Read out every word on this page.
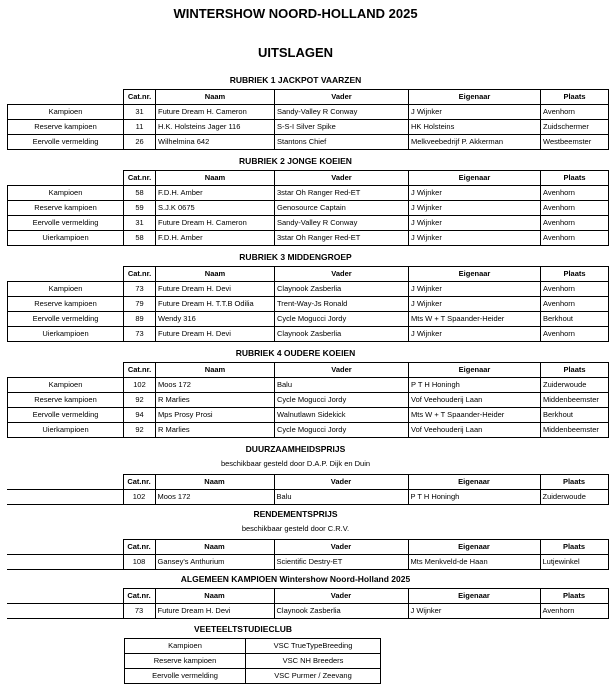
WINTERSHOW NOORD-HOLLAND 2025
UITSLAGEN
RUBRIEK 1 JACKPOT VAARZEN
	Cat.nr.	Naam	Vader	Eigenaar	Plaats
Kampioen	31	Future Dream H. Cameron	Sandy-Valley R Conway	J Wijnker	Avenhorn
Reserve kampioen	11	H.K. Holsteins Jager 116	S-S-I Silver Spike	HK Holsteins	Zuidschermer
Eervolle vermelding	26	Wilhelmina 642	Stantons Chief	Melkveebedrijf P. Akkerman	Westbeemster
RUBRIEK 2 JONGE KOEIEN
	Cat.nr.	Naam	Vader	Eigenaar	Plaats
Kampioen	58	F.D.H. Amber	3star Oh Ranger Red-ET	J Wijnker	Avenhorn
Reserve kampioen	59	S.J.K 0675	Genosource Captain	J Wijnker	Avenhorn
Eervolle vermelding	31	Future Dream H. Cameron	Sandy-Valley R Conway	J Wijnker	Avenhorn
Uierkampioen	58	F.D.H. Amber	3star Oh Ranger Red-ET	J Wijnker	Avenhorn
RUBRIEK 3 MIDDENGROEP
	Cat.nr.	Naam	Vader	Eigenaar	Plaats
Kampioen	73	Future Dream H. Devi	Claynook Zasberlia	J Wijnker	Avenhorn
Reserve kampioen	79	Future Dream H. T.T.B Odilia	Trent-Way-Js Ronald	J Wijnker	Avenhorn
Eervolle vermelding	89	Wendy 316	Cycle Mogucci Jordy	Mts W + T Spaander-Heider	Berkhout
Uierkampioen	73	Future Dream H. Devi	Claynook Zasberlia	J Wijnker	Avenhorn
RUBRIEK 4 OUDERE KOEIEN
	Cat.nr.	Naam	Vader	Eigenaar	Plaats
Kampioen	102	Moos 172	Balu	P T H Honingh	Zuiderwoude
Reserve kampioen	92	R Marlies	Cycle Mogucci Jordy	Vof Veehouderij Laan	Middenbeemster
Eervolle vermelding	94	Mps Prosy Prosi	Walnutlawn Sidekick	Mts W + T Spaander-Heider	Berkhout
Uierkampioen	92	R Marlies	Cycle Mogucci Jordy	Vof Veehouderij Laan	Middenbeemster
DUURZAAMHEIDSPRIJS
beschikbaar gesteld door D.A.P. Dijk en Duin
	Cat.nr.	Naam	Vader	Eigenaar	Plaats
	102	Moos 172	Balu	P T H Honingh	Zuiderwoude
RENDEMENTSPRIJS
beschikbaar gesteld door C.R.V.
	Cat.nr.	Naam	Vader	Eigenaar	Plaats
	108	Gansey's Anthurium	Scientific Destry-ET	Mts Menkveld-de Haan	Lutjewinkel
ALGEMEEN KAMPIOEN Wintershow Noord-Holland 2025
	Cat.nr.	Naam	Vader	Eigenaar	Plaats
	73	Future Dream H. Devi	Claynook Zasberlia	J Wijnker	Avenhorn
VEETEELTSTUDIECLUB
Kampioen	VSC TrueTypeBreeding
Reserve kampioen	VSC NH Breeders
Eervolle vermelding	VSC Purmer / Zeevang
